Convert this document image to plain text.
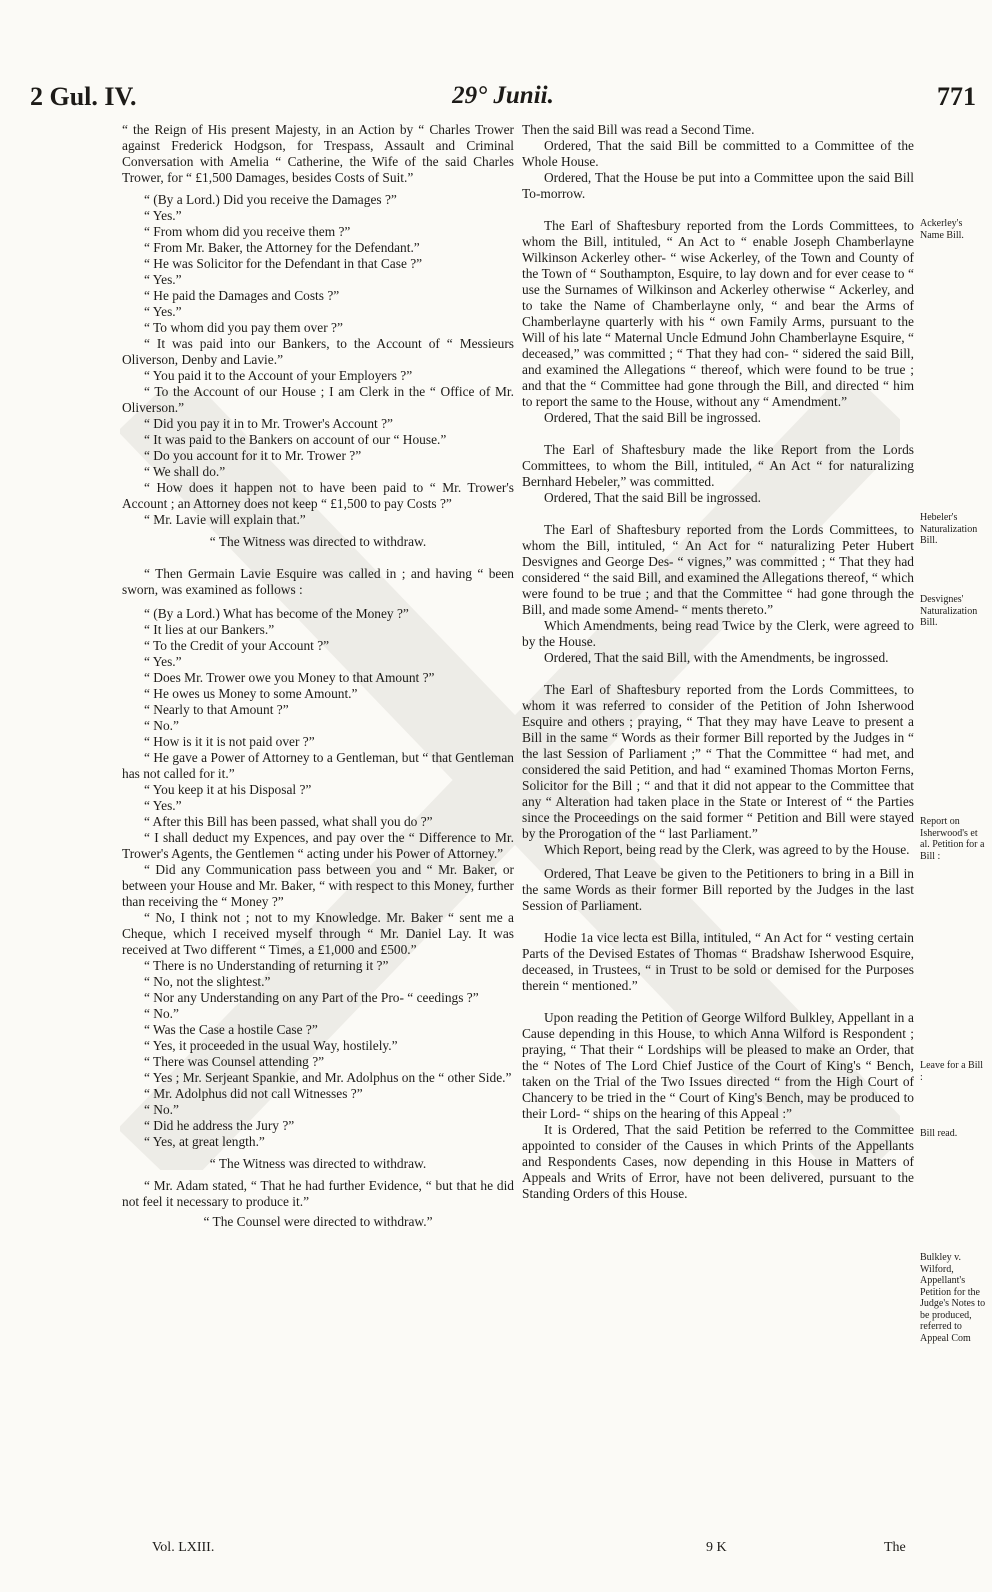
2 Gul. IV.	29° Junii.	771

“ the Reign of His present Majesty, in an Action by “ Charles Trower against Frederick Hodgson, for Trespass, Assault and Criminal Conversation with Amelia “ Catherine, the Wife of the said Charles Trower, for “ £1,500 Damages, besides Costs of Suit.”

“ (By a Lord.) Did you receive the Damages ?”

“ Yes.”

“ From whom did you receive them ?”

“ From Mr. Baker, the Attorney for the Defendant.”

“ He was Solicitor for the Defendant in that Case ?”

“ Yes.”

“ He paid the Damages and Costs ?”

“ Yes.”

“ To whom did you pay them over ?”

“ It was paid into our Bankers, to the Account of “ Messieurs Oliverson, Denby and Lavie.”

“ You paid it to the Account of your Employers ?”

“ To the Account of our House ; I am Clerk in the “ Office of Mr. Oliverson.”

“ Did you pay it in to Mr. Trower's Account ?”

“ It was paid to the Bankers on account of our “ House.”

“ Do you account for it to Mr. Trower ?”

“ We shall do.”

“ How does it happen not to have been paid to “ Mr. Trower's Account ; an Attorney does not keep “ £1,500 to pay Costs ?”

“ Mr. Lavie will explain that.”

“ The Witness was directed to withdraw.

“ Then Germain Lavie Esquire was called in ; and having “ been sworn, was examined as follows :

“ (By a Lord.) What has become of the Money ?”

“ It lies at our Bankers.”

“ To the Credit of your Account ?”

“ Yes.”

“ Does Mr. Trower owe you Money to that Amount ?”

“ He owes us Money to some Amount.”

“ Nearly to that Amount ?”

“ No.”

“ How is it it is not paid over ?”

“ He gave a Power of Attorney to a Gentleman, but “ that Gentleman has not called for it.”

“ You keep it at his Disposal ?”

“ Yes.”

“ After this Bill has been passed, what shall you do ?”

“ I shall deduct my Expences, and pay over the “ Difference to Mr. Trower's Agents, the Gentlemen “ acting under his Power of Attorney.”

“ Did any Communication pass between you and “ Mr. Baker, or between your House and Mr. Baker, “ with respect to this Money, further than receiving the “ Money ?”

“ No, I think not ; not to my Knowledge. Mr. Baker “ sent me a Cheque, which I received myself through “ Mr. Daniel Lay. It was received at Two different “ Times, a £1,000 and £500.”

“ There is no Understanding of returning it ?”

“ No, not the slightest.”

“ Nor any Understanding on any Part of the Pro- “ ceedings ?”

“ No.”

“ Was the Case a hostile Case ?”

“ Yes, it proceeded in the usual Way, hostilely.”

“ There was Counsel attending ?”

“ Yes ; Mr. Serjeant Spankie, and Mr. Adolphus on the “ other Side.”

“ Mr. Adolphus did not call Witnesses ?”

“ No.”

“ Did he address the Jury ?”

“ Yes, at great length.”

“ The Witness was directed to withdraw.

“ Mr. Adam stated, “ That he had further Evidence, “ but that he did not feel it necessary to produce it.”

“ The Counsel were directed to withdraw.”

Then the said Bill was read a Second Time.

Ordered, That the said Bill be committed to a Committee of the Whole House.

Ordered, That the House be put into a Committee upon the said Bill To-morrow.

The Earl of Shaftesbury reported from the Lords Committees, to whom the Bill, intituled, “ An Act to “ enable Joseph Chamberlayne Wilkinson Ackerley other- “ wise Ackerley, of the Town and County of the Town of “ Southampton, Esquire, to lay down and for ever cease to “ use the Surnames of Wilkinson and Ackerley otherwise “ Ackerley, and to take the Name of Chamberlayne only, “ and bear the Arms of Chamberlayne quarterly with his “ own Family Arms, pursuant to the Will of his late “ Maternal Uncle Edmund John Chamberlayne Esquire, “ deceased,” was committed ; “ That they had con- “ sidered the said Bill, and examined the Allegations “ thereof, which were found to be true ; and that the “ Committee had gone through the Bill, and directed “ him to report the same to the House, without any “ Amendment.”

Ordered, That the said Bill be ingrossed.

The Earl of Shaftesbury made the like Report from the Lords Committees, to whom the Bill, intituled, “ An Act “ for naturalizing Bernhard Hebeler,” was committed.

Ordered, That the said Bill be ingrossed.

The Earl of Shaftesbury reported from the Lords Committees, to whom the Bill, intituled, “ An Act for “ naturalizing Peter Hubert Desvignes and George Des- “ vignes,” was committed ; “ That they had considered “ the said Bill, and examined the Allegations thereof, “ which were found to be true ; and that the Committee “ had gone through the Bill, and made some Amend- “ ments thereto.”

Which Amendments, being read Twice by the Clerk, were agreed to by the House.

Ordered, That the said Bill, with the Amendments, be ingrossed.

The Earl of Shaftesbury reported from the Lords Committees, to whom it was referred to consider of the Petition of John Isherwood Esquire and others ; praying, “ That they may have Leave to present a Bill in the same “ Words as their former Bill reported by the Judges in “ the last Session of Parliament ;” “ That the Committee “ had met, and considered the said Petition, and had “ examined Thomas Morton Ferns, Solicitor for the Bill ; “ and that it did not appear to the Committee that any “ Alteration had taken place in the State or Interest of “ the Parties since the Proceedings on the said former “ Petition and Bill were stayed by the Prorogation of the “ last Parliament.”

Which Report, being read by the Clerk, was agreed to by the House.

Ordered, That Leave be given to the Petitioners to bring in a Bill in the same Words as their former Bill reported by the Judges in the last Session of Parliament.

Hodie 1a vice lecta est Billa, intituled, “ An Act for “ vesting certain Parts of the Devised Estates of Thomas “ Bradshaw Isherwood Esquire, deceased, in Trustees, “ in Trust to be sold or demised for the Purposes therein “ mentioned.”

Upon reading the Petition of George Wilford Bulkley, Appellant in a Cause depending in this House, to which Anna Wilford is Respondent ; praying, “ That their “ Lordships will be pleased to make an Order, that the “ Notes of The Lord Chief Justice of the Court of King's “ Bench, taken on the Trial of the Two Issues directed “ from the High Court of Chancery to be tried in the “ Court of King's Bench, may be produced to their Lord- “ ships on the hearing of this Appeal :”

It is Ordered, That the said Petition be referred to the Committee appointed to consider of the Causes in which Prints of the Appellants and Respondents Cases, now depending in this House in Matters of Appeals and Writs of Error, have not been delivered, pursuant to the Standing Orders of this House.

Ackerley's Name Bill.
Hebeler's Naturalization Bill.
Desvignes' Naturalization Bill.
Report on Isherwood's et al. Petition for a Bill :
Leave for a Bill :
Bill read.
Bulkley v. Wilford, Appellant's Petition for the Judge's Notes to be produced, referred to Appeal Com
Vol. LXIII.	9 K	The
